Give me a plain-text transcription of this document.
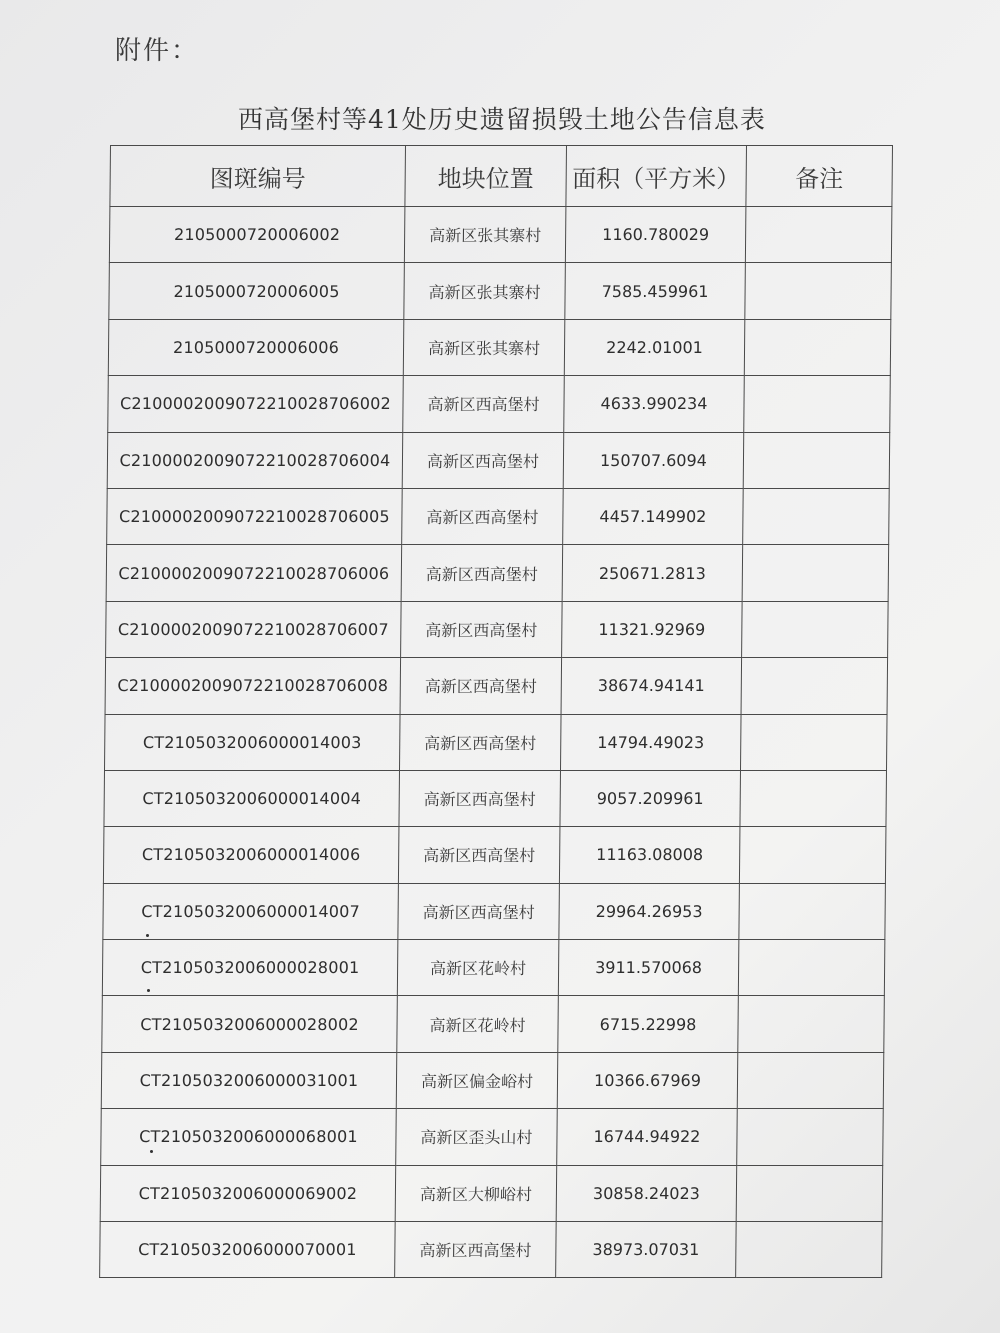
附件：
西高堡村等41处历史遗留损毁土地公告信息表
图斑编号	地块位置	面积（平方米）	备注
2105000720006002	高新区张其寨村	1160.780029	
2105000720006005	高新区张其寨村	7585.459961	
2105000720006006	高新区张其寨村	2242.01001	
C2100002009072210028706002	高新区西高堡村	4633.990234	
C2100002009072210028706004	高新区西高堡村	150707.6094	
C2100002009072210028706005	高新区西高堡村	4457.149902	
C2100002009072210028706006	高新区西高堡村	250671.2813	
C2100002009072210028706007	高新区西高堡村	11321.92969	
C2100002009072210028706008	高新区西高堡村	38674.94141	
CT2105032006000014003	高新区西高堡村	14794.49023	
CT2105032006000014004	高新区西高堡村	9057.209961	
CT2105032006000014006	高新区西高堡村	11163.08008	
CT2105032006000014007	高新区西高堡村	29964.26953	
CT2105032006000028001	高新区花岭村	3911.570068	
CT2105032006000028002	高新区花岭村	6715.22998	
CT2105032006000031001	高新区偏金峪村	10366.67969	
CT2105032006000068001	高新区歪头山村	16744.94922	
CT2105032006000069002	高新区大柳峪村	30858.24023	
CT2105032006000070001	高新区西高堡村	38973.07031	
